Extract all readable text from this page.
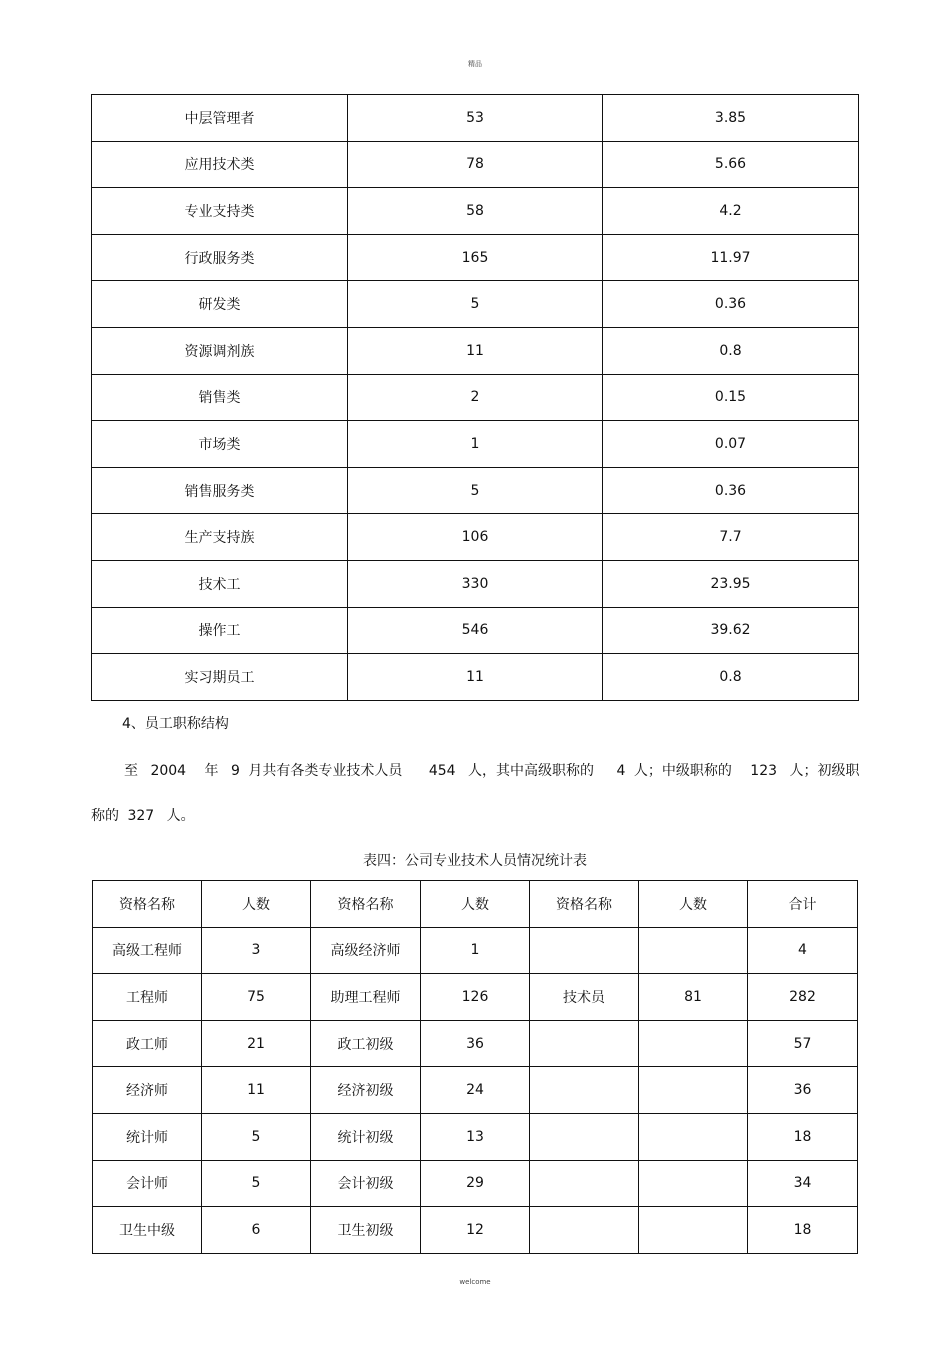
精品
中层管理者	53	3.85
应用技术类	78	5.66
专业支持类	58	4.2
行政服务类	165	11.97
研发类	5	0.36
资源调剂族	11	0.8
销售类	2	0.15
市场类	1	0.07
销售服务类	5	0.36
生产支持族	106	7.7
技术工	330	23.95
操作工	546	39.62
实习期员工	11	0.8
4、员工职称结构
至 2004 年 9 月共有各类专业技术人员 454 人，其中高级职称的 4 人；中级职称的 123 人；初级职
称的 327 人。
表四：公司专业技术人员情况统计表
资格名称	人数	资格名称	人数	资格名称	人数	合计
高级工程师	3	高级经济师	1			4
工程师	75	助理工程师	126	技术员	81	282
政工师	21	政工初级	36			57
经济师	11	经济初级	24			36
统计师	5	统计初级	13			18
会计师	5	会计初级	29			34
卫生中级	6	卫生初级	12			18
welcome
